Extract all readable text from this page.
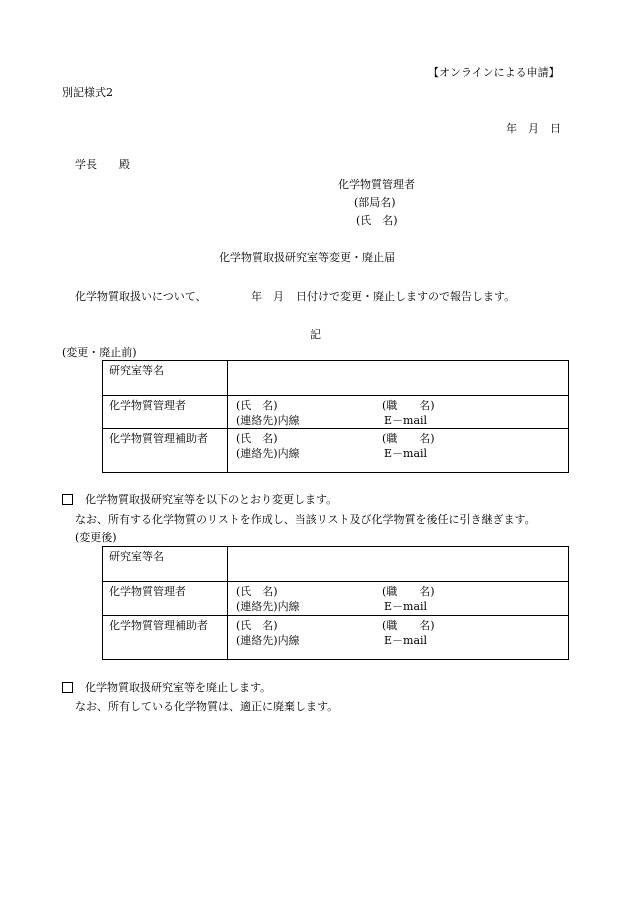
【オンラインによる申請】
別記様式2
年　月　日
学長　　殿
化学物質管理者
(部局名)
(氏　名)
化学物質取扱研究室等変更・廃止届
化学物質取扱いについて、	年 月 日付けで変更・廃止しますので報告します。
記
(変更・廃止前)
研究室等名	
化学物質管理者	(氏　名) (職　　名)
(連絡先)内線 E－mail

化学物質管理補助者	(氏　名) (職　　名)
(連絡先)内線 E－mail
化学物質取扱研究室等を以下のとおり変更します。
なお、所有する化学物質のリストを作成し、当該リスト及び化学物質を後任に引き継ぎます。
(変更後)
研究室等名	
化学物質管理者	(氏　名) (職　　名)
(連絡先)内線 E－mail

化学物質管理補助者	(氏　名) (職　　名)
(連絡先)内線 E－mail
化学物質取扱研究室等を廃止します。
なお、所有している化学物質は、適正に廃棄します。
